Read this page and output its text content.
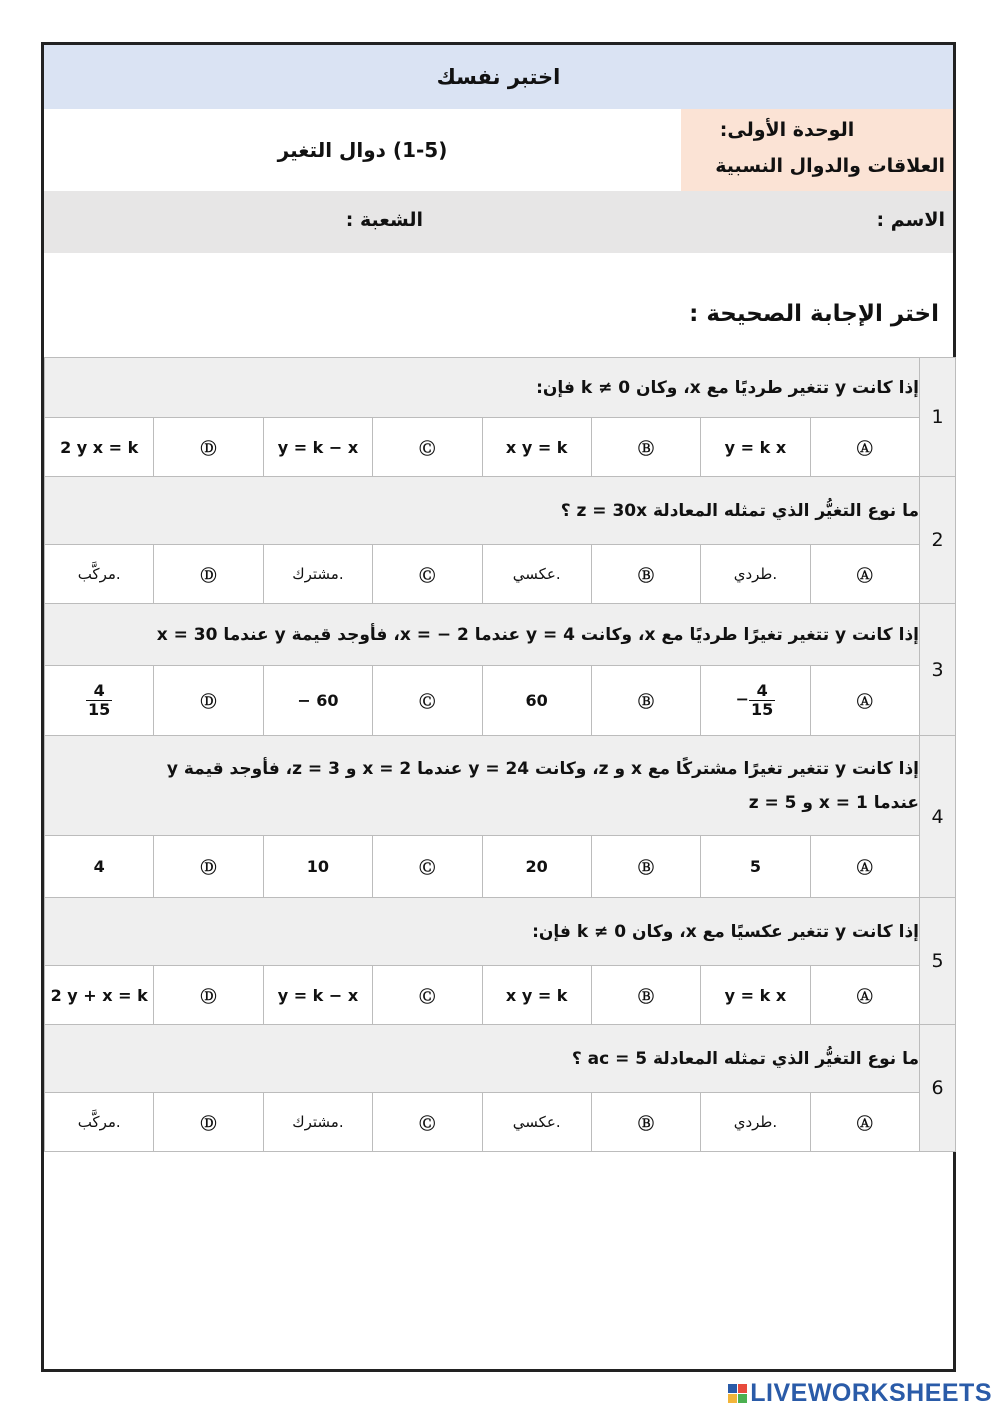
اختبر نفسك
الوحدة الأولى:
العلاقات والدوال النسبية
(1-5) دوال التغير
الاسم :
الشعبة :
اختر الإجابة الصحيحة :
إذا كانت y تتغير طرديًا مع x، وكان k ≠ 0 فإن:								1
2 y x = k	Ⓓ	y = k − x	Ⓒ	x y = k	Ⓑ	y = k x	Ⓐ	
ما نوع التغيُّر الذي تمثله المعادلة z = 30x ؟								2
مركَّب.	Ⓓ	مشترك.	Ⓒ	عكسي.	Ⓑ	طردي.	Ⓐ	
إذا كانت y تتغير تغيرًا طرديًا مع x، وكانت y = 4 عندما x = − 2، فأوجد قيمة y عندما x = 30								3

$\frac{4}{15}$	Ⓓ	− 60	Ⓒ	60	Ⓑ	− $\frac{4}{15}$	Ⓐ	

إذا كانت y تتغير تغيرًا مشتركًا مع x و z، وكانت y = 24 عندما x = 2 و z = 3، فأوجد قيمة y
عندما x = 1 و z = 5								4
4	Ⓓ	10	Ⓒ	20	Ⓑ	5	Ⓐ	
إذا كانت y تتغير عكسيًا مع x، وكان k ≠ 0 فإن:								5
2 y + x = k	Ⓓ	y = k − x	Ⓒ	x y = k	Ⓑ	y = k x	Ⓐ	
ما نوع التغيُّر الذي تمثله المعادلة ac = 5 ؟								6
مركَّب.	Ⓓ	مشترك.	Ⓒ	عكسي.	Ⓑ	طردي.	Ⓐ	
LIVEWORKSHEETS
